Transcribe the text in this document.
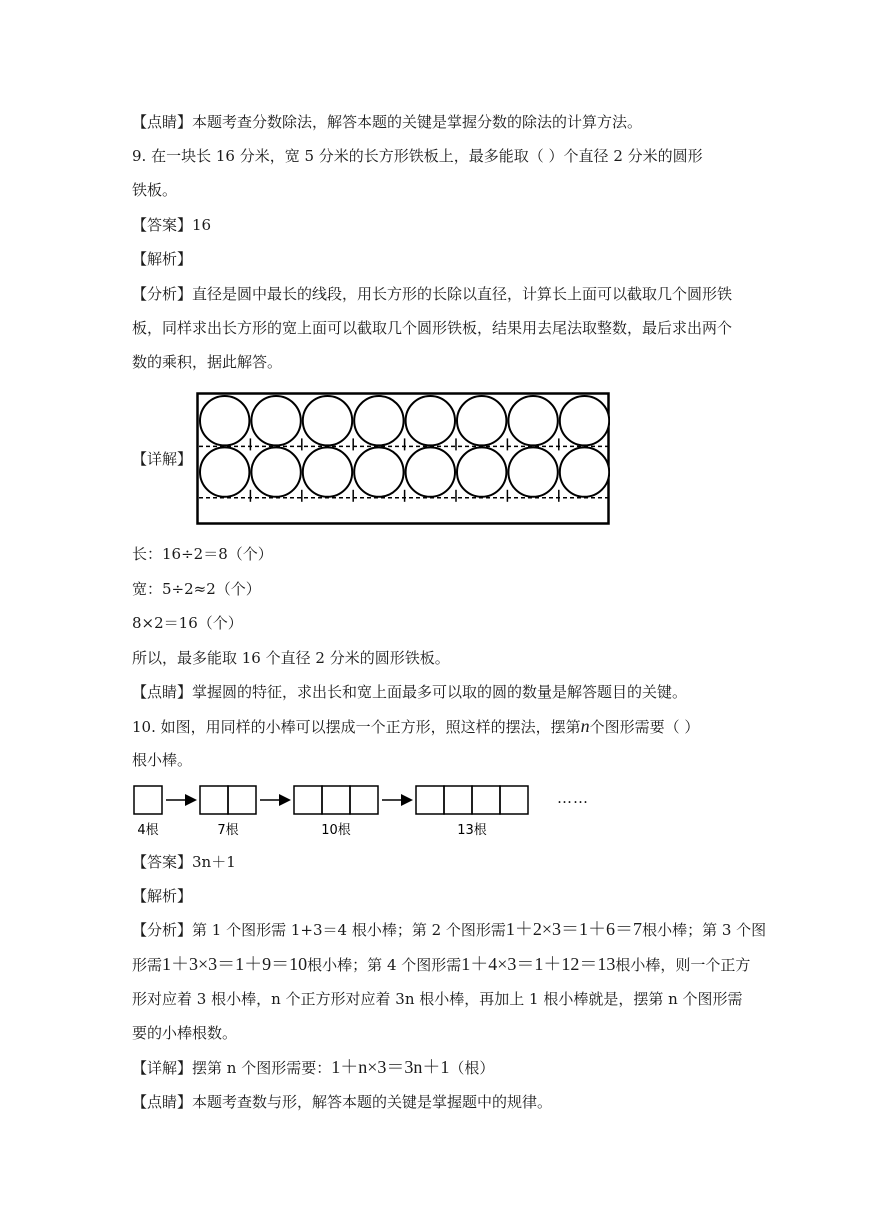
【点睛】本题考查分数除法，解答本题的关键是掌握分数的除法的计算方法。
9. 在一块长 16 分米，宽 5 分米的长方形铁板上，最多能取（ ）个直径 2 分米的圆形
铁板。
【答案】16
【解析】
【分析】直径是圆中最长的线段，用长方形的长除以直径，计算长上面可以截取几个圆形铁
板，同样求出长方形的宽上面可以截取几个圆形铁板，结果用去尾法取整数，最后求出两个
数的乘积，据此解答。
【详解】
长：16÷2＝8（个）
宽：5÷2≈2（个）
8×2＝16（个）
所以，最多能取 16 个直径 2 分米的圆形铁板。
【点睛】掌握圆的特征，求出长和宽上面最多可以取的圆的数量是解答题目的关键。
10. 如图，用同样的小棒可以摆成一个正方形，照这样的摆法，摆第n个图形需要（ ）
根小棒。
4根	7根	10根	13根
……
【答案】3n＋1
【解析】
【分析】第 1 个图形需 1+3＝4 根小棒；第 2 个图形需1＋2×3＝1＋6＝7根小棒；第 3 个图
形需1＋3×3＝1＋9＝10根小棒；第 4 个图形需1＋4×3＝1＋12＝13根小棒，则一个正方
形对应着 3 根小棒，n 个正方形对应着 3n 根小棒，再加上 1 根小棒就是，摆第 n 个图形需
要的小棒根数。
【详解】摆第 n 个图形需要：1＋n×3＝3n＋1（根）
【点睛】本题考查数与形，解答本题的关键是掌握题中的规律。
